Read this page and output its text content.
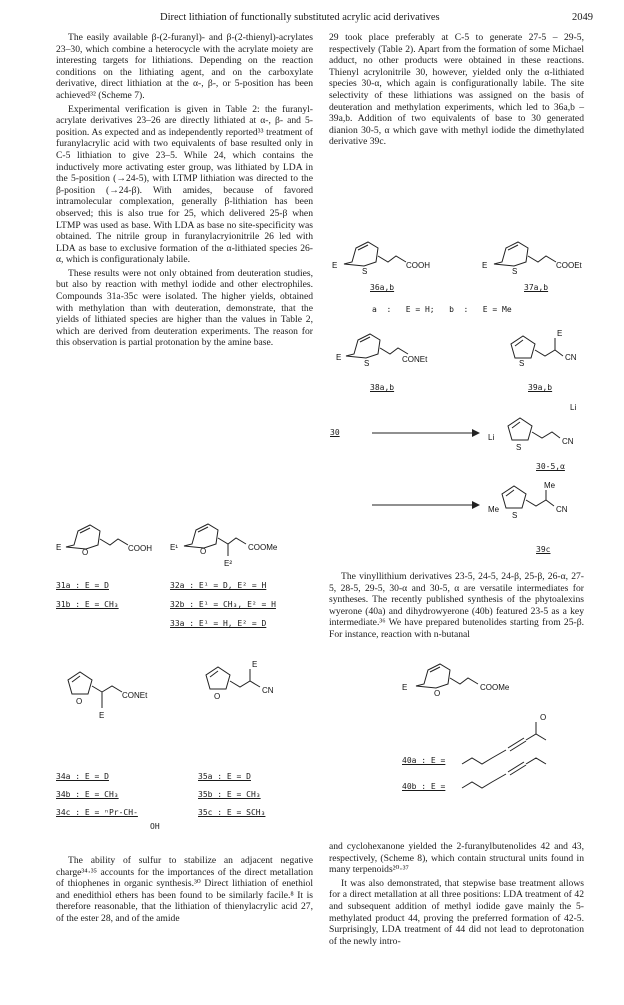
Direct lithiation of functionally substituted acrylic acid derivatives	2049

The easily available β-(2-furanyl)- and β-(2-thienyl)-acrylates 23–30, which combine a heterocycle with the acrylate moiety are interesting targets for lithiations. Depending on the reaction conditions on the lithiating agent, and on the carboxylate derivative, direct lithiation at the α-, β-, or 5-position has been achieved³² (Scheme 7).

Experimental verification is given in Table 2: the furanyl-acrylate derivatives 23–26 are directly lithiated at α-, β- and 5-position. As expected and as independently reported³³ treatment of furanylacrylic acid with two equivalents of base resulted only in C-5 lithiation to give 23–5. While 24, which contains the inductively more activating ester group, was lithiated by LDA in the 5-position (→24-5), with LTMP lithiation was directed to the β-position (→24-β). With amides, because of favored intramolecular complexation, generally β-lithiation has been observed; this is also true for 25, which delivered 25-β when LTMP was used as base. With LDA as base no site-specificity was obtained. The nitrile group in furanylacryionitrile 26 led with LDA as base to exclusive formation of the α-lithiated species 26-α, which is configurationaly labile.

These results were not only obtained from deuteration studies, but also by reaction with methyl iodide and other electrophiles. Compounds 31a-35c were isolated. The higher yields, obtained with methylation than with deuteration, demonstrate, that the yields of lithiated species are higher than the values in Table 2, which are derived from deuteration experiments. The reason for this observation is partial protonation by the amine base.

E
O	COOH E¹	O
E²
COOMe
31a : E = D
31b : E = CH₃
32a : E¹ = D, E² = H
32b : E¹ = CH₃, E² = H
33a : E¹ = H, E² = D
O
CONEt
E
O
E
CN
34a : E = D
34b : E = CH₃
34c : E = ⁿPr-CH-
OH
35a : E = D
35b : E = CH₃
35c : E = SCH₃

The ability of sulfur to stabilize an adjacent negative charge³⁴·³⁵ accounts for the importances of the direct metallation of thiophenes in organic synthesis.³⁰ Direct lithiation of enethiol and enedithiol ethers has been found to be similarly facile.⁸ It is therefore reasonable, that the lithiation of thienylacrylic acid 27, of the ester 28, and of the amide

29 took place preferably at C-5 to generate 27-5 – 29-5, respectively (Table 2). Apart from the formation of some Michael adduct, no other products were obtained in these reactions. Thienyl acrylonitrile 30, however, yielded only the α-lithiated species 30-α, which again is configurationally labile. The site selectivity of these lithiations was assigned on the basis of deuteration and methylation experiments, which led to 36a,b – 39a,b. Addition of two equivalents of base to 30 generated dianion 30-5, α which gave with methyl iodide the dimethylated derivative 39c.

E
S
COOH	E
S
COOEt
36a,b	37a,b
a  :   E = H;   b  :   E = Me
E
S	CONEt	S
E
CN
38a,b	39a,b
30
Li
S
Li
CN
30-5,α
Me
S
Me
CN
39c

The vinyllithium derivatives 23-5, 24-5, 24-β, 25-β, 26-α, 27-5, 28-5, 29-5, 30-α and 30-5, α are versatile intermediates for syntheses. The recently published synthesis of the phytoalexins wyerone (40a) and dihydrowyerone (40b) featured 23-5 as a key intermediate.³⁶ We have prepared butenolides starting from 25-β. For instance, reaction with n-butanal

E
O
COOMe
40a : E =
40b : E =
O

and cyclohexanone yielded the 2-furanylbutenolides 42 and 43, respectively, (Scheme 8), which contain structural units found in many terpenoids²⁰·³⁷

It was also demonstrated, that stepwise base treatment allows for a direct metallation at all three positions: LDA treatment of 42 and subsequent addition of methyl iodide gave mainly the 5-methylated product 44, proving the preferred formation of 42-5. Surprisingly, LDA treatment of 44 did not lead to deprotonation of the newly intro-
